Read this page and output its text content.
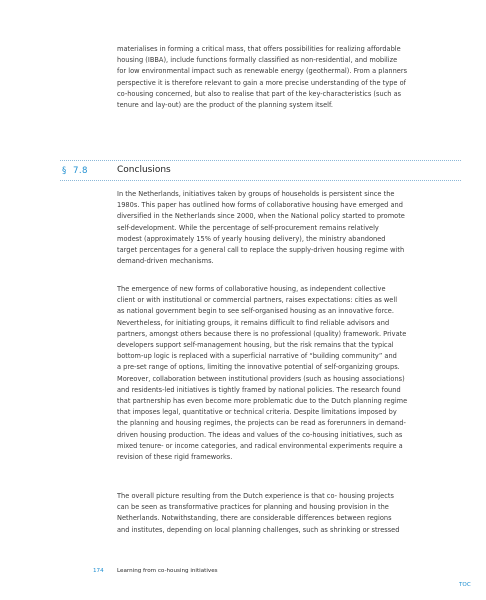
materialises in forming a critical mass, that offers possibilities for realizing affordable
housing (IBBA), include functions formally classified as non-residential, and mobilize
for low environmental impact such as renewable energy (geothermal). From a planners
perspective it is therefore relevant to gain a more precise understanding of the type of
co-housing concerned, but also to realise that part of the key-characteristics (such as
tenure and lay-out) are the product of the planning system itself.

§ 7.8	Conclusions

In the Netherlands, initiatives taken by groups of households is persistent since the
1980s. This paper has outlined how forms of collaborative housing have emerged and
diversified in the Netherlands since 2000, when the National policy started to promote
self-development. While the percentage of self-procurement remains relatively
modest (approximately 15% of yearly housing delivery), the ministry abandoned
target percentages for a general call to replace the supply-driven housing regime with
demand-driven mechanisms.

The emergence of new forms of collaborative housing, as independent collective
client or with institutional or commercial partners, raises expectations: cities as well
as national government begin to see self-organised housing as an innovative force.
Nevertheless, for initiating groups, it remains difficult to find reliable advisors and
partners, amongst others because there is no professional (quality) framework. Private
developers support self-management housing, but the risk remains that the typical
bottom-up logic is replaced with a superficial narrative of “building community” and
a pre-set range of options, limiting the innovative potential of self-organizing groups.
Moreover, collaboration between institutional providers (such as housing associations)
and residents-led initiatives is tightly framed by national policies. The research found
that partnership has even become more problematic due to the Dutch planning regime
that imposes legal, quantitative or technical criteria. Despite limitations imposed by
the planning and housing regimes, the projects can be read as forerunners in demand-
driven housing production. The ideas and values of the co-housing initiatives, such as
mixed tenure- or income categories, and radical environmental experiments require a
revision of these rigid frameworks.

The overall picture resulting from the Dutch experience is that co- housing projects
can be seen as transformative practices for planning and housing provision in the
Netherlands. Notwithstanding, there are considerable differences between regions
and institutes, depending on local planning challenges, such as shrinking or stressed

174 Learning from co-housing initiatives
TOC
